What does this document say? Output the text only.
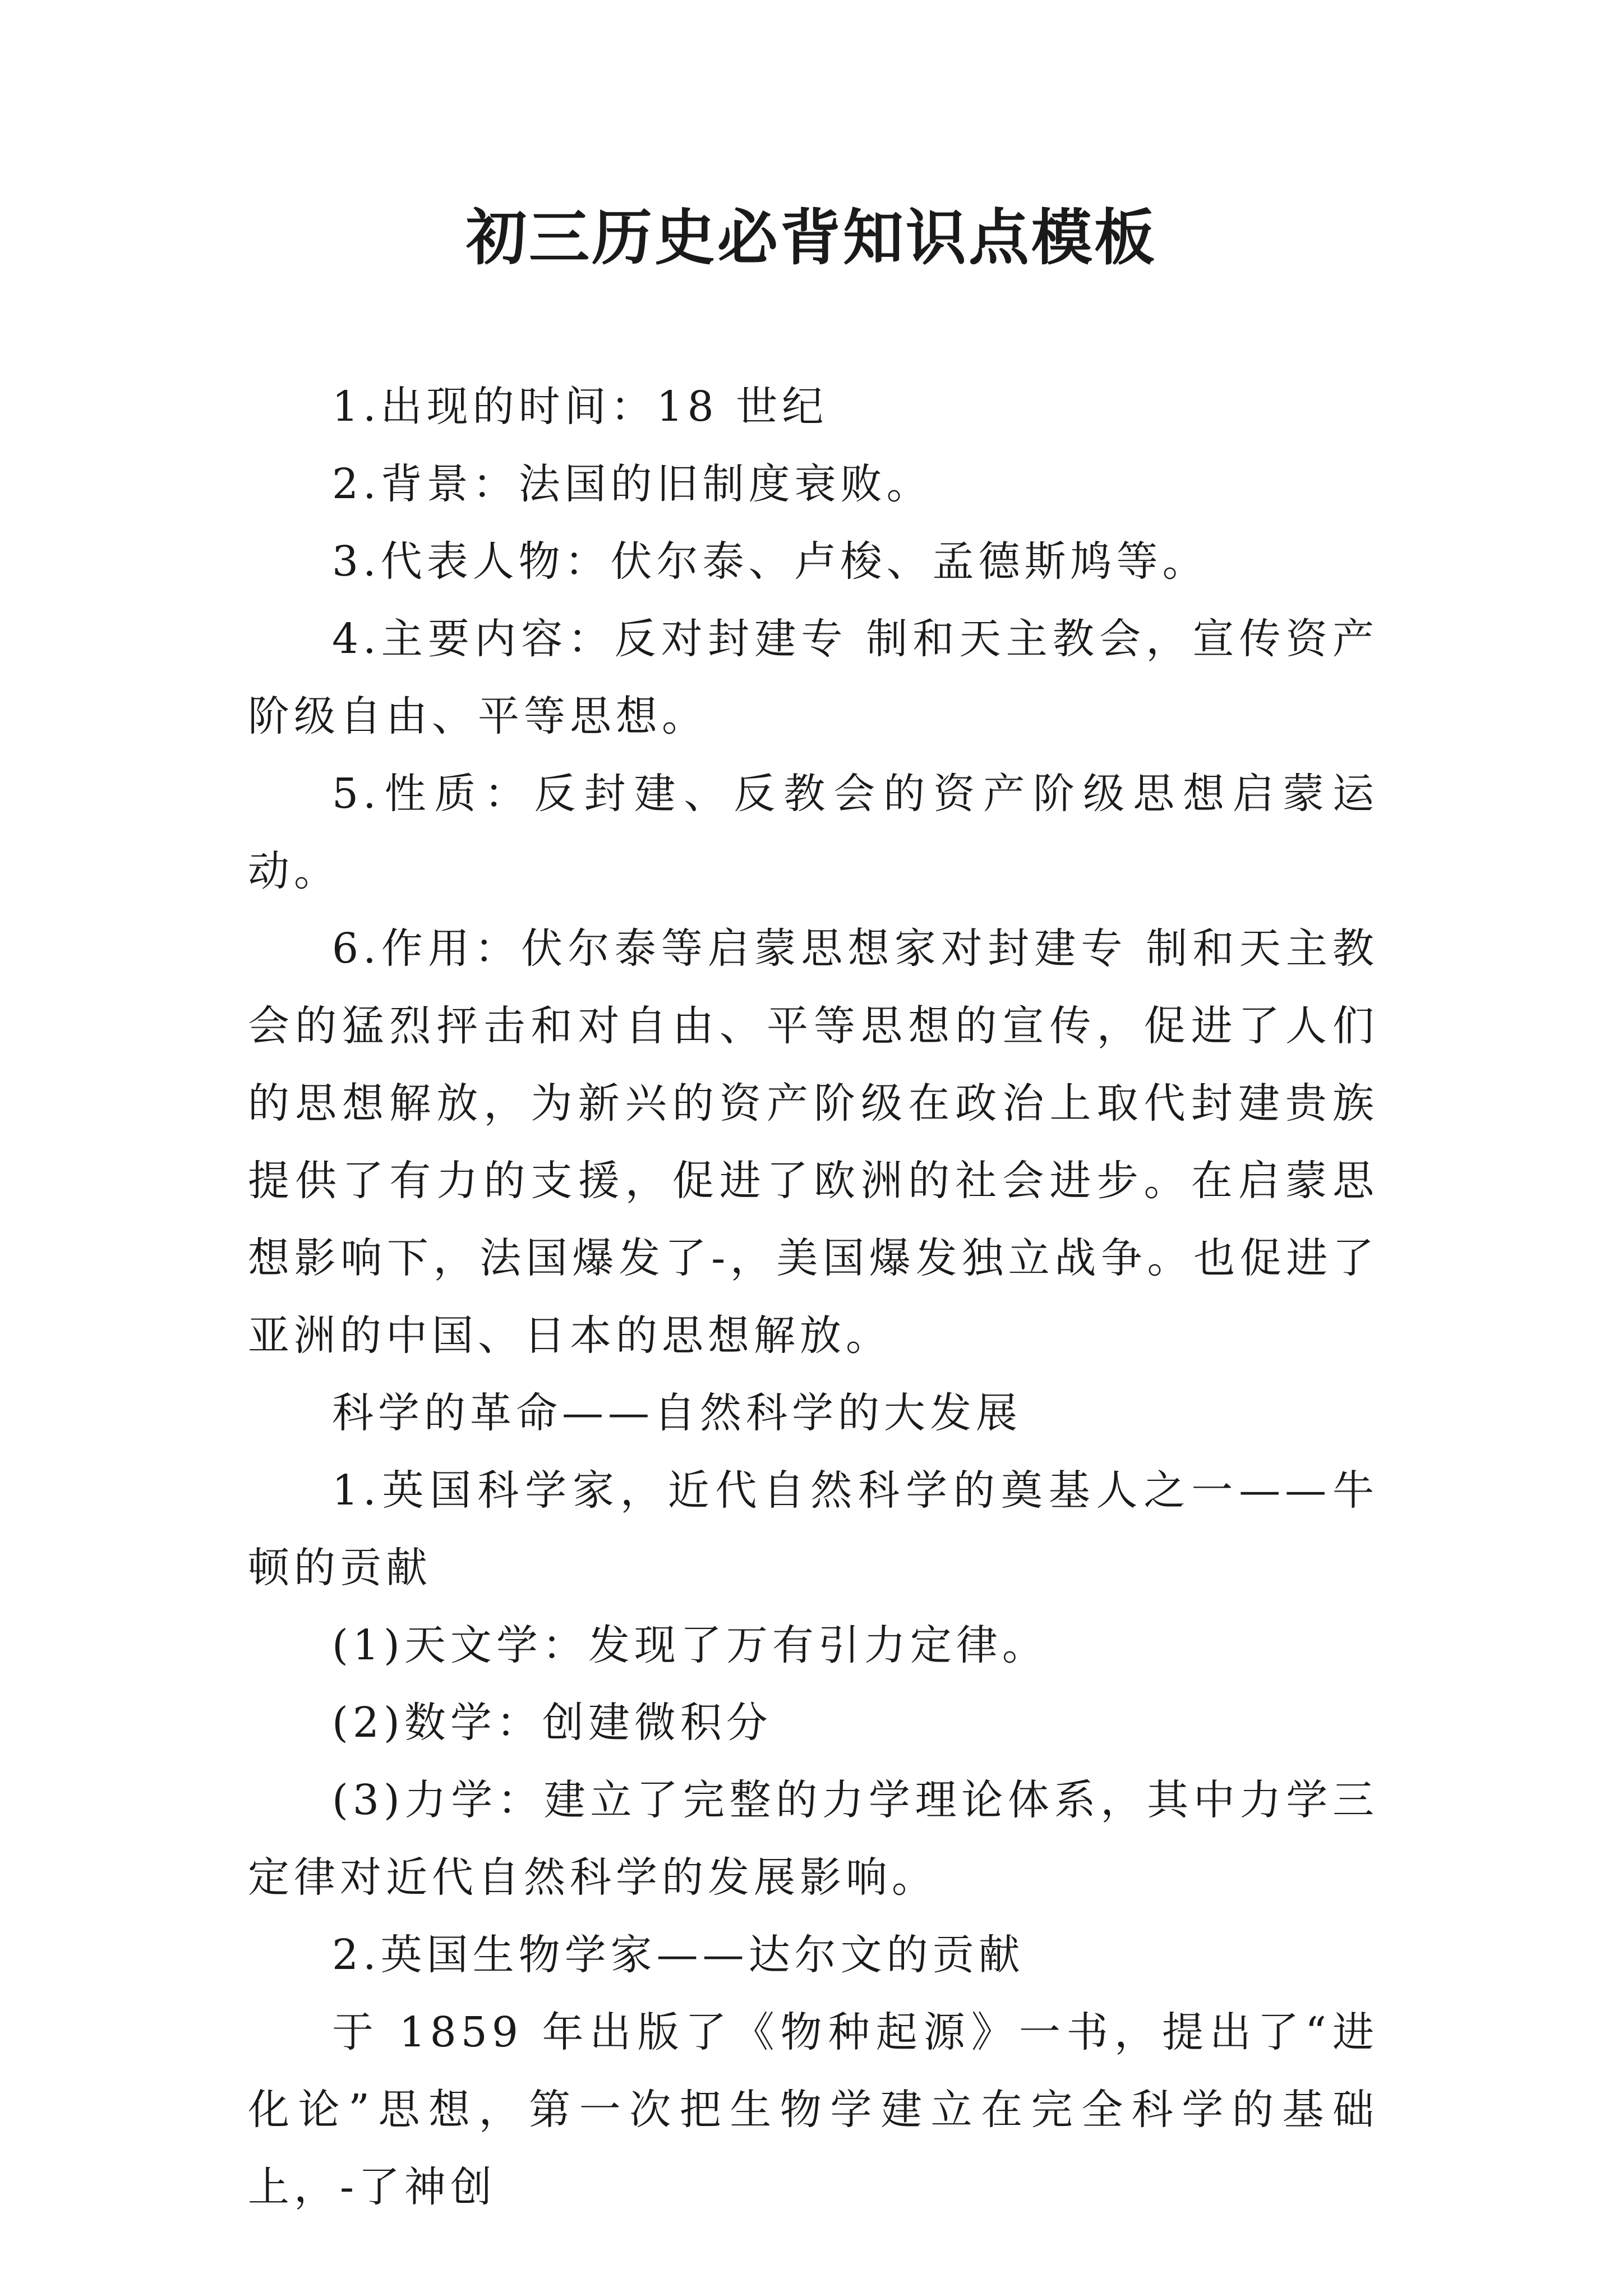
初三历史必背知识点模板

1.出现的时间：18 世纪

2.背景：法国的旧制度衰败。

3.代表人物：伏尔泰、卢梭、孟德斯鸠等。

4.主要内容：反对封建专 制和天主教会，宣传资产阶级自由、平等思想。

5.性质：反封建、反教会的资产阶级思想启蒙运动。

6.作用：伏尔泰等启蒙思想家对封建专 制和天主教会的猛烈抨击和对自由、平等思想的宣传，促进了人们的思想解放，为新兴的资产阶级在政治上取代封建贵族提供了有力的支援，促进了欧洲的社会进步。在启蒙思想影响下，法国爆发了-，美国爆发独立战争。也促进了亚洲的中国、日本的思想解放。

科学的革命——自然科学的大发展

1.英国科学家，近代自然科学的奠基人之一——牛顿的贡献

(1)天文学：发现了万有引力定律。

(2)数学：创建微积分

(3)力学：建立了完整的力学理论体系，其中力学三定律对近代自然科学的发展影响。

2.英国生物学家——达尔文的贡献

于 1859 年出版了《物种起源》一书，提出了“进化论”思想，第一次把生物学建立在完全科学的基础上，-了神创
